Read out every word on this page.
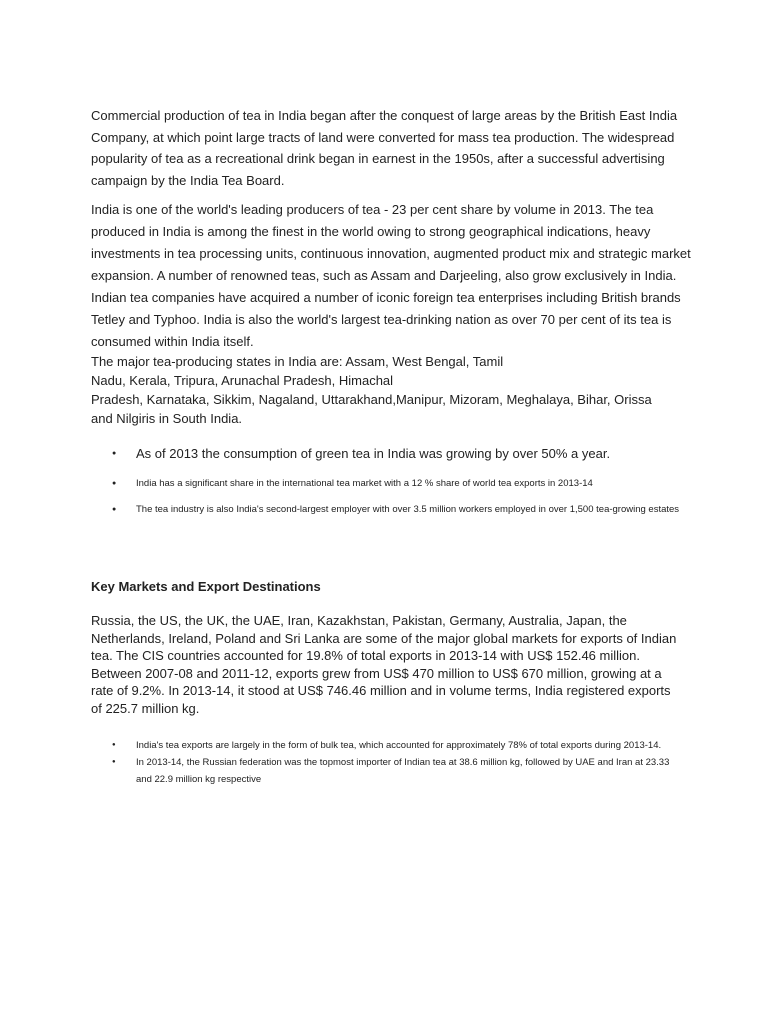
Commercial production of tea in India began after the conquest of large areas by the British East India Company, at which point large tracts of land were converted for mass tea production. The widespread popularity of tea as a recreational drink began in earnest in the 1950s, after a successful advertising campaign by the India Tea Board.

India is one of the world's leading producers of tea - 23 per cent share by volume in 2013. The tea produced in India is among the finest in the world owing to strong geographical indications, heavy investments in tea processing units, continuous innovation, augmented product mix and strategic market expansion. A number of renowned teas, such as Assam and Darjeeling, also grow exclusively in India. Indian tea companies have acquired a number of iconic foreign tea enterprises including British brands Tetley and Typhoo. India is also the world's largest tea-drinking nation as over 70 per cent of its tea is consumed within India itself.

The major tea-producing states in India are: Assam, West Bengal, Tamil
Nadu, Kerala, Tripura, Arunachal Pradesh, Himachal
Pradesh, Karnataka, Sikkim, Nagaland, Uttarakhand,Manipur, Mizoram, Meghalaya, Bihar, Orissa
and Nilgiris in South India.

● As of 2013 the consumption of green tea in India was growing by over 50% a year.
● India has a significant share in the international tea market with a 12 % share of world tea exports in 2013-14
● The tea industry is also India's second-largest employer with over 3.5 million workers employed in over 1,500 tea-growing estates
Key Markets and Export Destinations

Russia, the US, the UK, the UAE, Iran, Kazakhstan, Pakistan, Germany, Australia, Japan, the Netherlands, Ireland, Poland and Sri Lanka are some of the major global markets for exports of Indian tea. The CIS countries accounted for 19.8% of total exports in 2013-14 with US$ 152.46 million. Between 2007-08 and 2011-12, exports grew from US$ 470 million to US$ 670 million, growing at a rate of 9.2%. In 2013-14, it stood at US$ 746.46 million and in volume terms, India registered exports of 225.7 million kg.

● India's tea exports are largely in the form of bulk tea, which accounted for approximately 78% of total exports during 2013-14.
● In 2013-14, the Russian federation was the topmost importer of Indian tea at 38.6 million kg, followed by UAE and Iran at 23.33 and 22.9 million kg respective
